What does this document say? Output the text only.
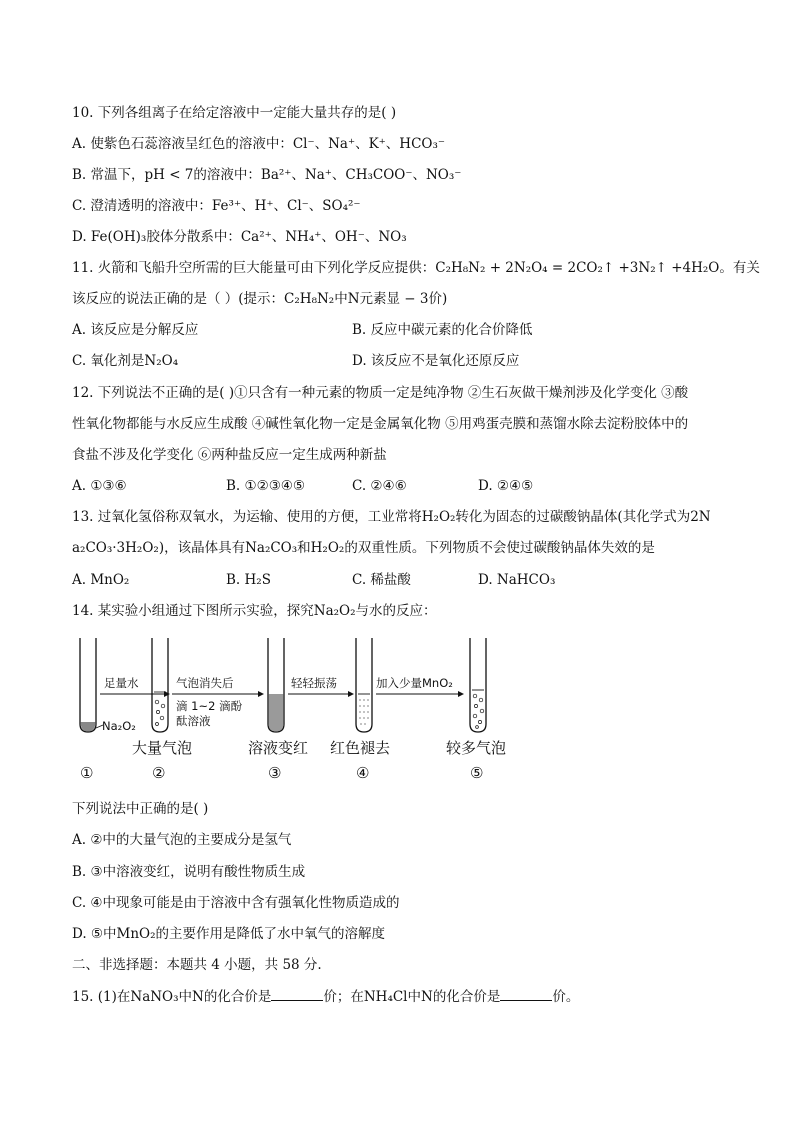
10. 下列各组离子在给定溶液中一定能大量共存的是( )
A. 使紫色石蕊溶液呈红色的溶液中：Cl⁻、Na⁺、K⁺、HCO₃⁻
B. 常温下，pH < 7的溶液中：Ba²⁺、Na⁺、CH₃COO⁻、NO₃⁻
C. 澄清透明的溶液中：Fe³⁺、H⁺、Cl⁻、SO₄²⁻
D. Fe(OH)₃胶体分散系中：Ca²⁺、NH₄⁺、OH⁻、NO₃
11. 火箭和飞船升空所需的巨大能量可由下列化学反应提供：C₂H₈N₂ + 2N₂O₄ = 2CO₂↑ +3N₂↑ +4H₂O。有关
该反应的说法正确的是（ ）(提示：C₂H₈N₂中N元素显 − 3价)
A. 该反应是分解反应	B. 反应中碳元素的化合价降低
C. 氧化剂是N₂O₄	D. 该反应不是氧化还原反应
12. 下列说法不正确的是( )①只含有一种元素的物质一定是纯净物 ②生石灰做干燥剂涉及化学变化 ③酸
性氧化物都能与水反应生成酸 ④碱性氧化物一定是金属氧化物 ⑤用鸡蛋壳膜和蒸馏水除去淀粉胶体中的
食盐不涉及化学变化 ⑥两种盐反应一定生成两种新盐
A. ①③⑥	B. ①②③④⑤	C. ②④⑥	D. ②④⑤
13. 过氧化氢俗称双氧水，为运输、使用的方便，工业常将H₂O₂转化为固态的过碳酸钠晶体(其化学式为2N
a₂CO₃·3H₂O₂)，该晶体具有Na₂CO₃和H₂O₂的双重性质。下列物质不会使过碳酸钠晶体失效的是
A. MnO₂	B. H₂S	C. 稀盐酸	D. NaHCO₃
14. 某实验小组通过下图所示实验，探究Na₂O₂与水的反应：
Na₂O₂
足量水	气泡消失后
滴 1~2 滴酚
酞溶液
轻轻振荡	加入少量MnO₂
大量气泡	溶液变红 红色褪去	较多气泡
①	②	③	④	⑤
下列说法中正确的是( )
A. ②中的大量气泡的主要成分是氢气
B. ③中溶液变红，说明有酸性物质生成
C. ④中现象可能是由于溶液中含有强氧化性物质造成的
D. ⑤中MnO₂的主要作用是降低了水中氧气的溶解度
二、非选择题：本题共 4 小题，共 58 分.
15. (1)在NaNO₃中N的化合价是	价；在NH₄Cl中N的化合价是	价。
